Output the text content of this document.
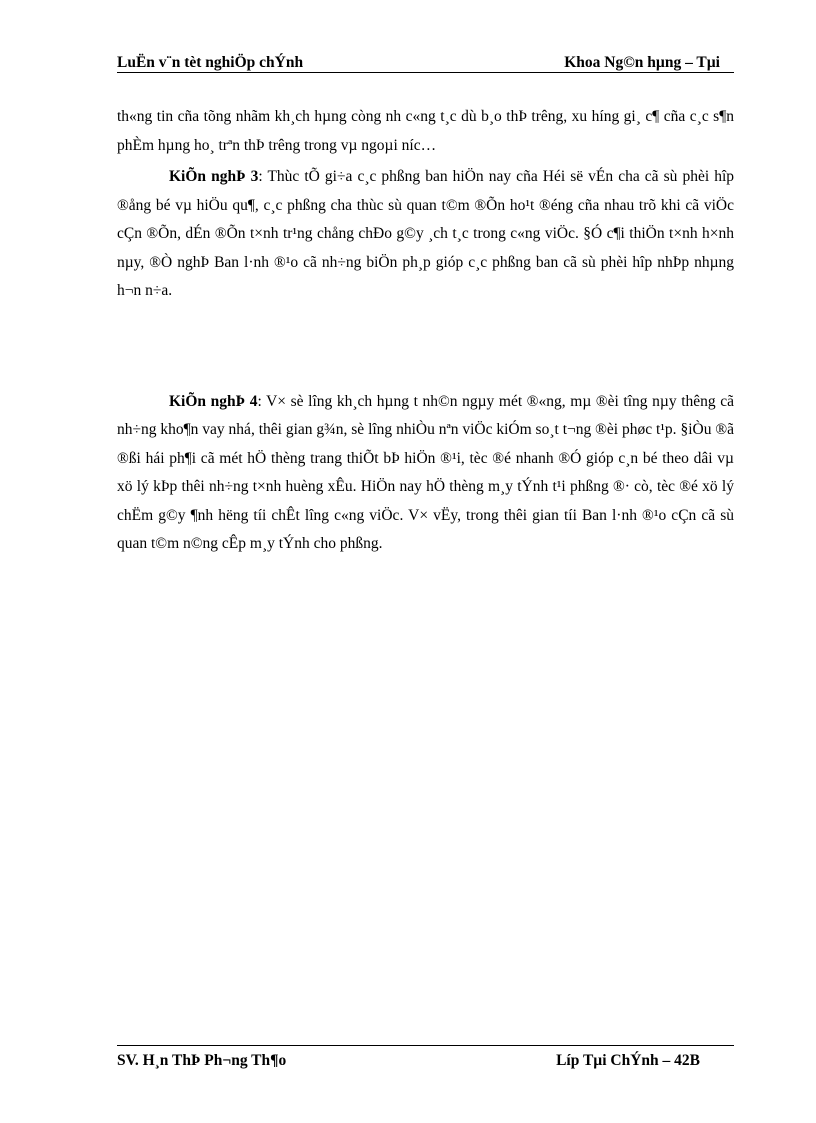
LuËn v¨n tèt nghiÖp chÝnh	Khoa Ng©n hµng – Tµi

th«ng tin cña tõng nhãm kh¸ch hµng còng nh c«ng t¸c dù b¸o thÞ trêng, xu híng gi¸ c¶ cña c¸c s¶n phÈm hµng ho¸ trªn thÞ trêng trong vµ ngoµi níc…

KiÕn nghÞ 3: Thùc tÕ gi÷a c¸c phßng ban hiÖn nay cña Héi së vÉn cha cã sù phèi hîp ®ång bé vµ hiÖu qu¶, c¸c phßng cha thùc sù quan t©m ®Õn ho¹t ®éng cña nhau trõ khi cã viÖc cÇn ®Õn, dÉn ®Õn t×nh tr¹ng chång chÐo g©y ¸ch t¸c trong c«ng viÖc. §Ó c¶i thiÖn t×nh h×nh nµy, ®Ò nghÞ Ban l·nh ®¹o cã nh÷ng biÖn ph¸p gióp c¸c phßng ban cã sù phèi hîp nhÞp nhµng h¬n n÷a.

KiÕn nghÞ 4: V× sè lîng kh¸ch hµng t nh©n ngµy mét ®«ng, mµ ®èi tîng nµy thêng cã nh÷ng kho¶n vay nhá, thêi gian g¾n, sè lîng nhiÒu nªn viÖc kiÓm so¸t t¬ng ®èi phøc t¹p. §iÒu ®ã ®ßi hái ph¶i cã mét hÖ thèng trang thiÕt bÞ hiÖn ®¹i, tèc ®é nhanh ®Ó gióp c¸n bé theo dâi vµ xö lý kÞp thêi nh÷ng t×nh huèng xÊu. HiÖn nay hÖ thèng m¸y tÝnh t¹i phßng ®· cò, tèc ®é xö lý chËm g©y ¶nh hëng tíi chÊt lîng c«ng viÖc. V× vËy, trong thêi gian tíi Ban l·nh ®¹o cÇn cã sù quan t©m n©ng cÊp m¸y tÝnh cho phßng.

SV. H¸n ThÞ Ph¬ng Th¶o	Líp Tµi ChÝnh – 42B
